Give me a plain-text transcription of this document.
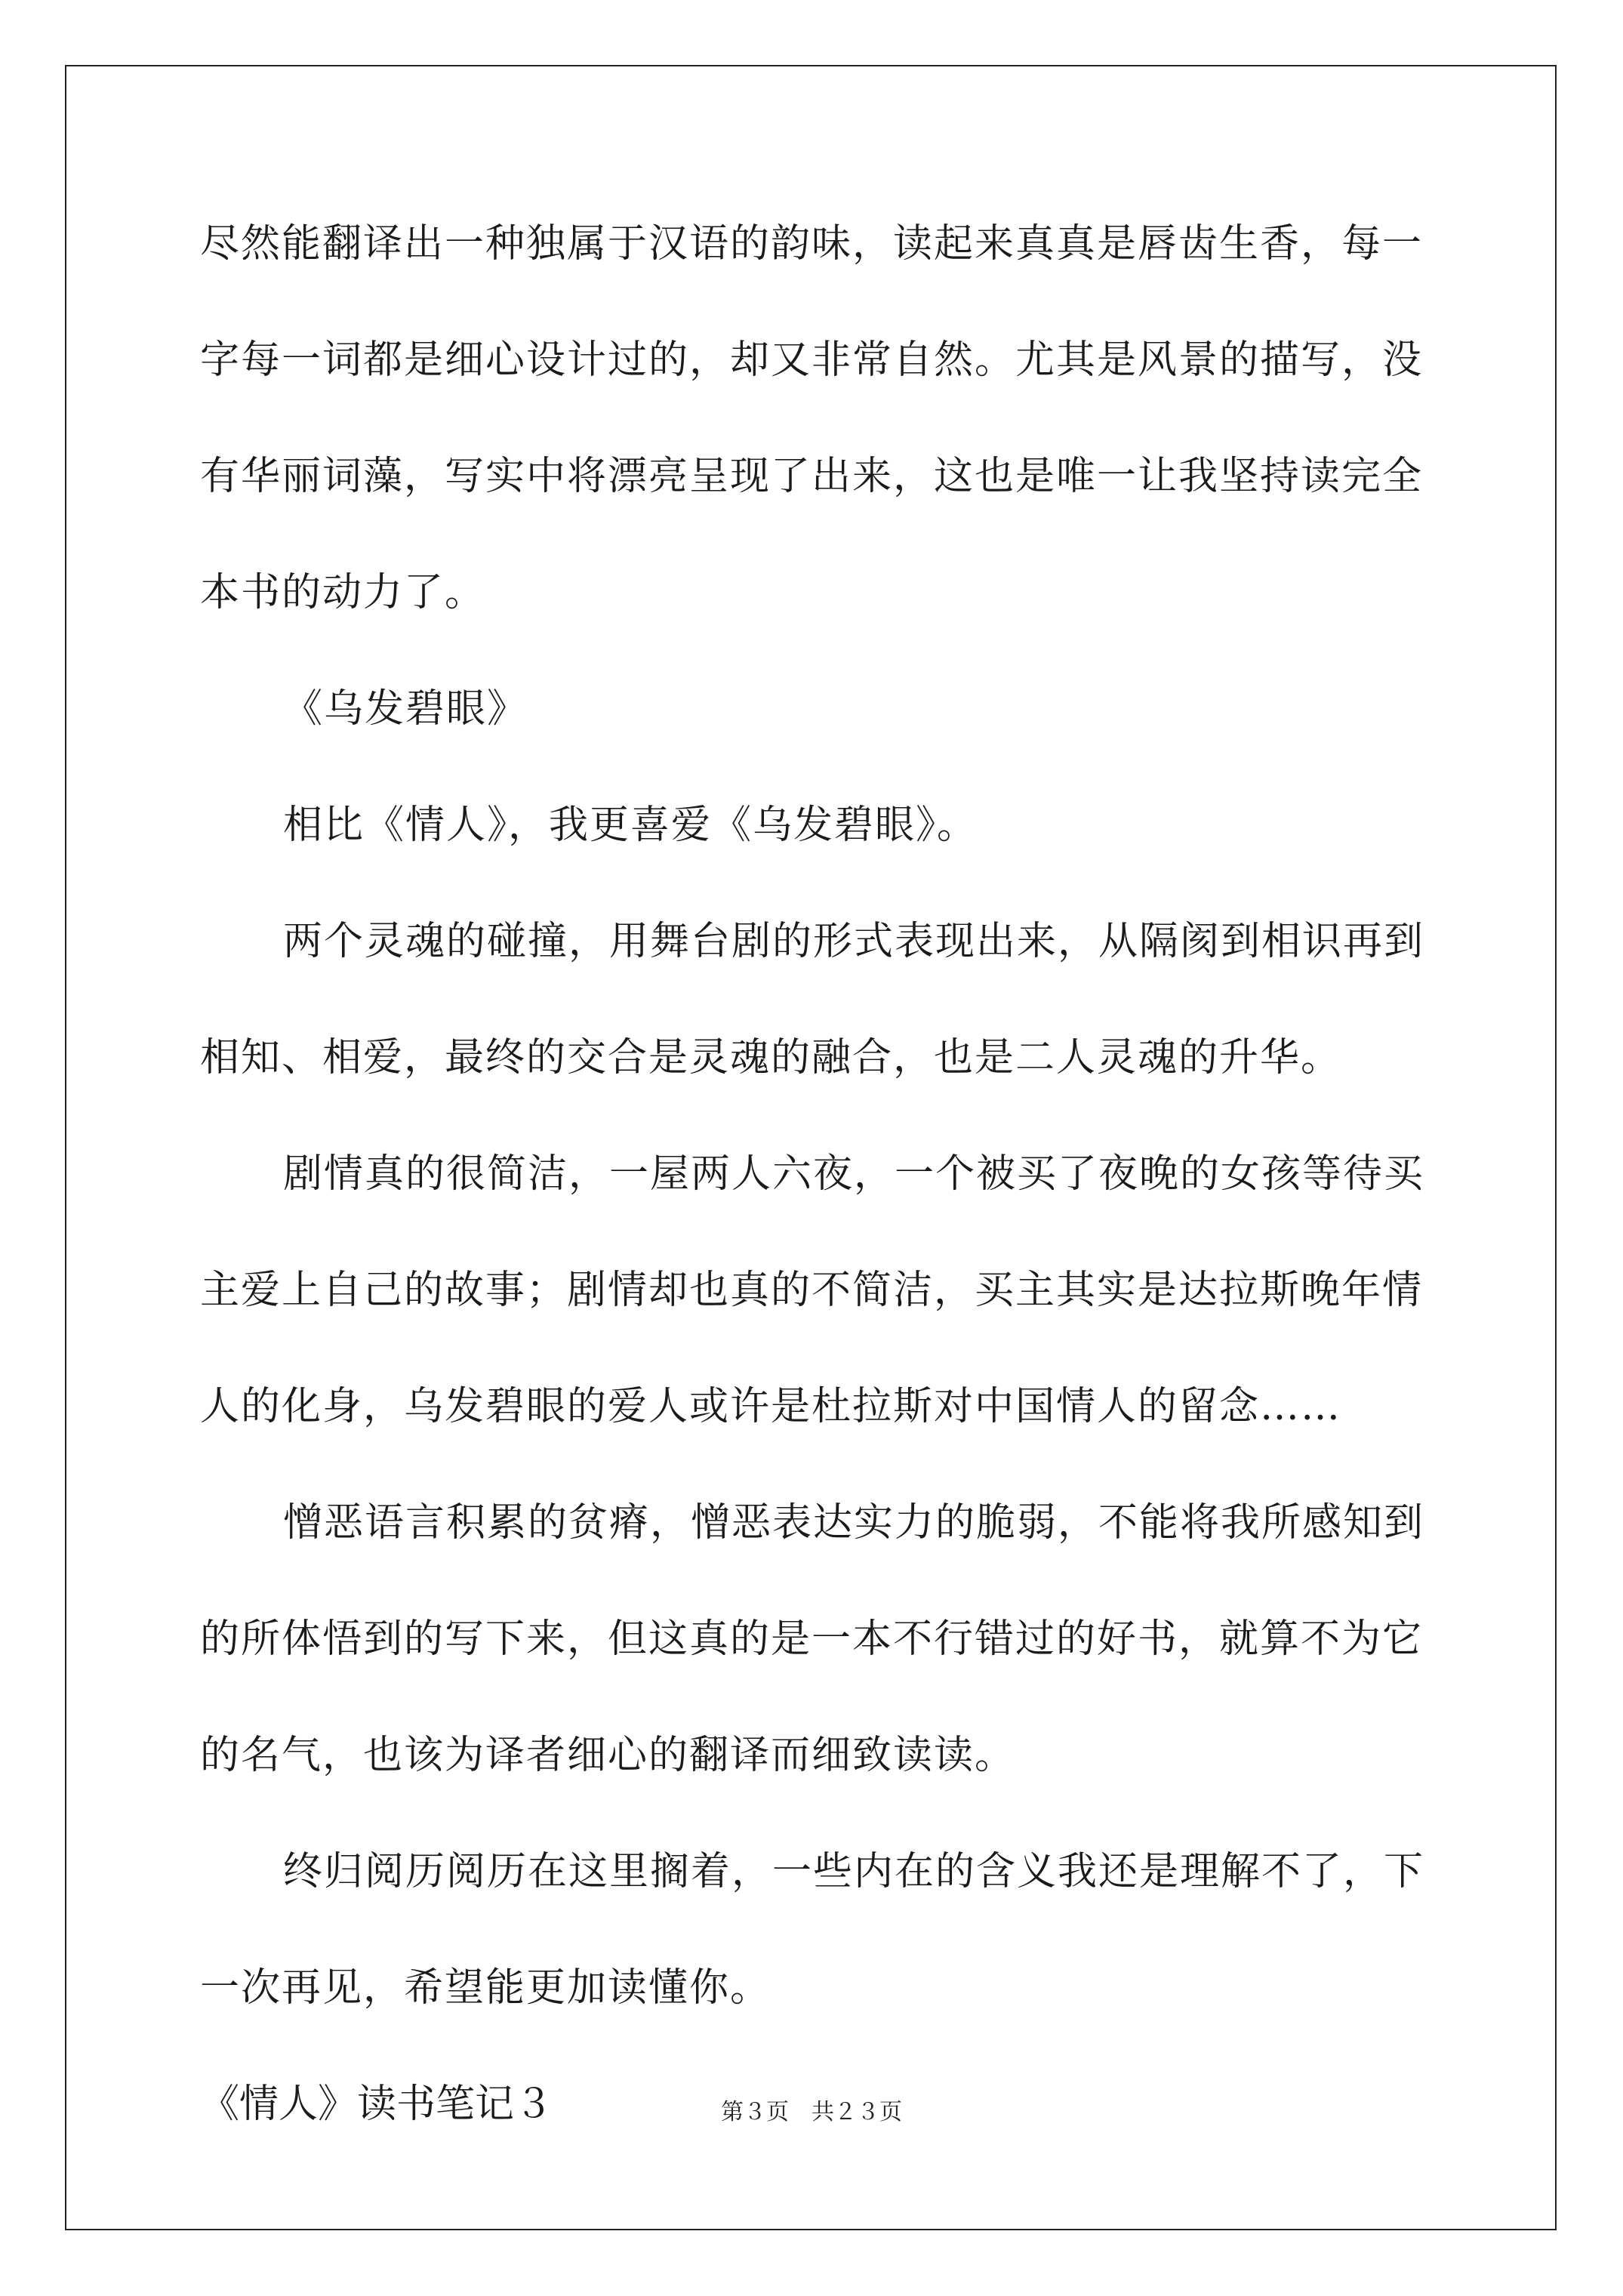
尽然能翻译出一种独属于汉语的韵味，读起来真真是唇齿生香，每一
字每一词都是细心设计过的，却又非常自然。尤其是风景的描写，没
有华丽词藻，写实中将漂亮呈现了出来，这也是唯一让我坚持读完全
本书的动力了。
《乌发碧眼》
相比《情人》，我更喜爱《乌发碧眼》。
两个灵魂的碰撞，用舞台剧的形式表现出来，从隔阂到相识再到
相知、相爱，最终的交合是灵魂的融合，也是二人灵魂的升华。
剧情真的很简洁，一屋两人六夜，一个被买了夜晚的女孩等待买
主爱上自己的故事；剧情却也真的不简洁，买主其实是达拉斯晚年情
人的化身，乌发碧眼的爱人或许是杜拉斯对中国情人的留念……
憎恶语言积累的贫瘠，憎恶表达实力的脆弱，不能将我所感知到
的所体悟到的写下来，但这真的是一本不行错过的好书，就算不为它
的名气，也该为译者细心的翻译而细致读读。
终归阅历阅历在这里搁着，一些内在的含义我还是理解不了，下
一次再见，希望能更加读懂你。
《情人》读书笔记３	第３页　共２３页
